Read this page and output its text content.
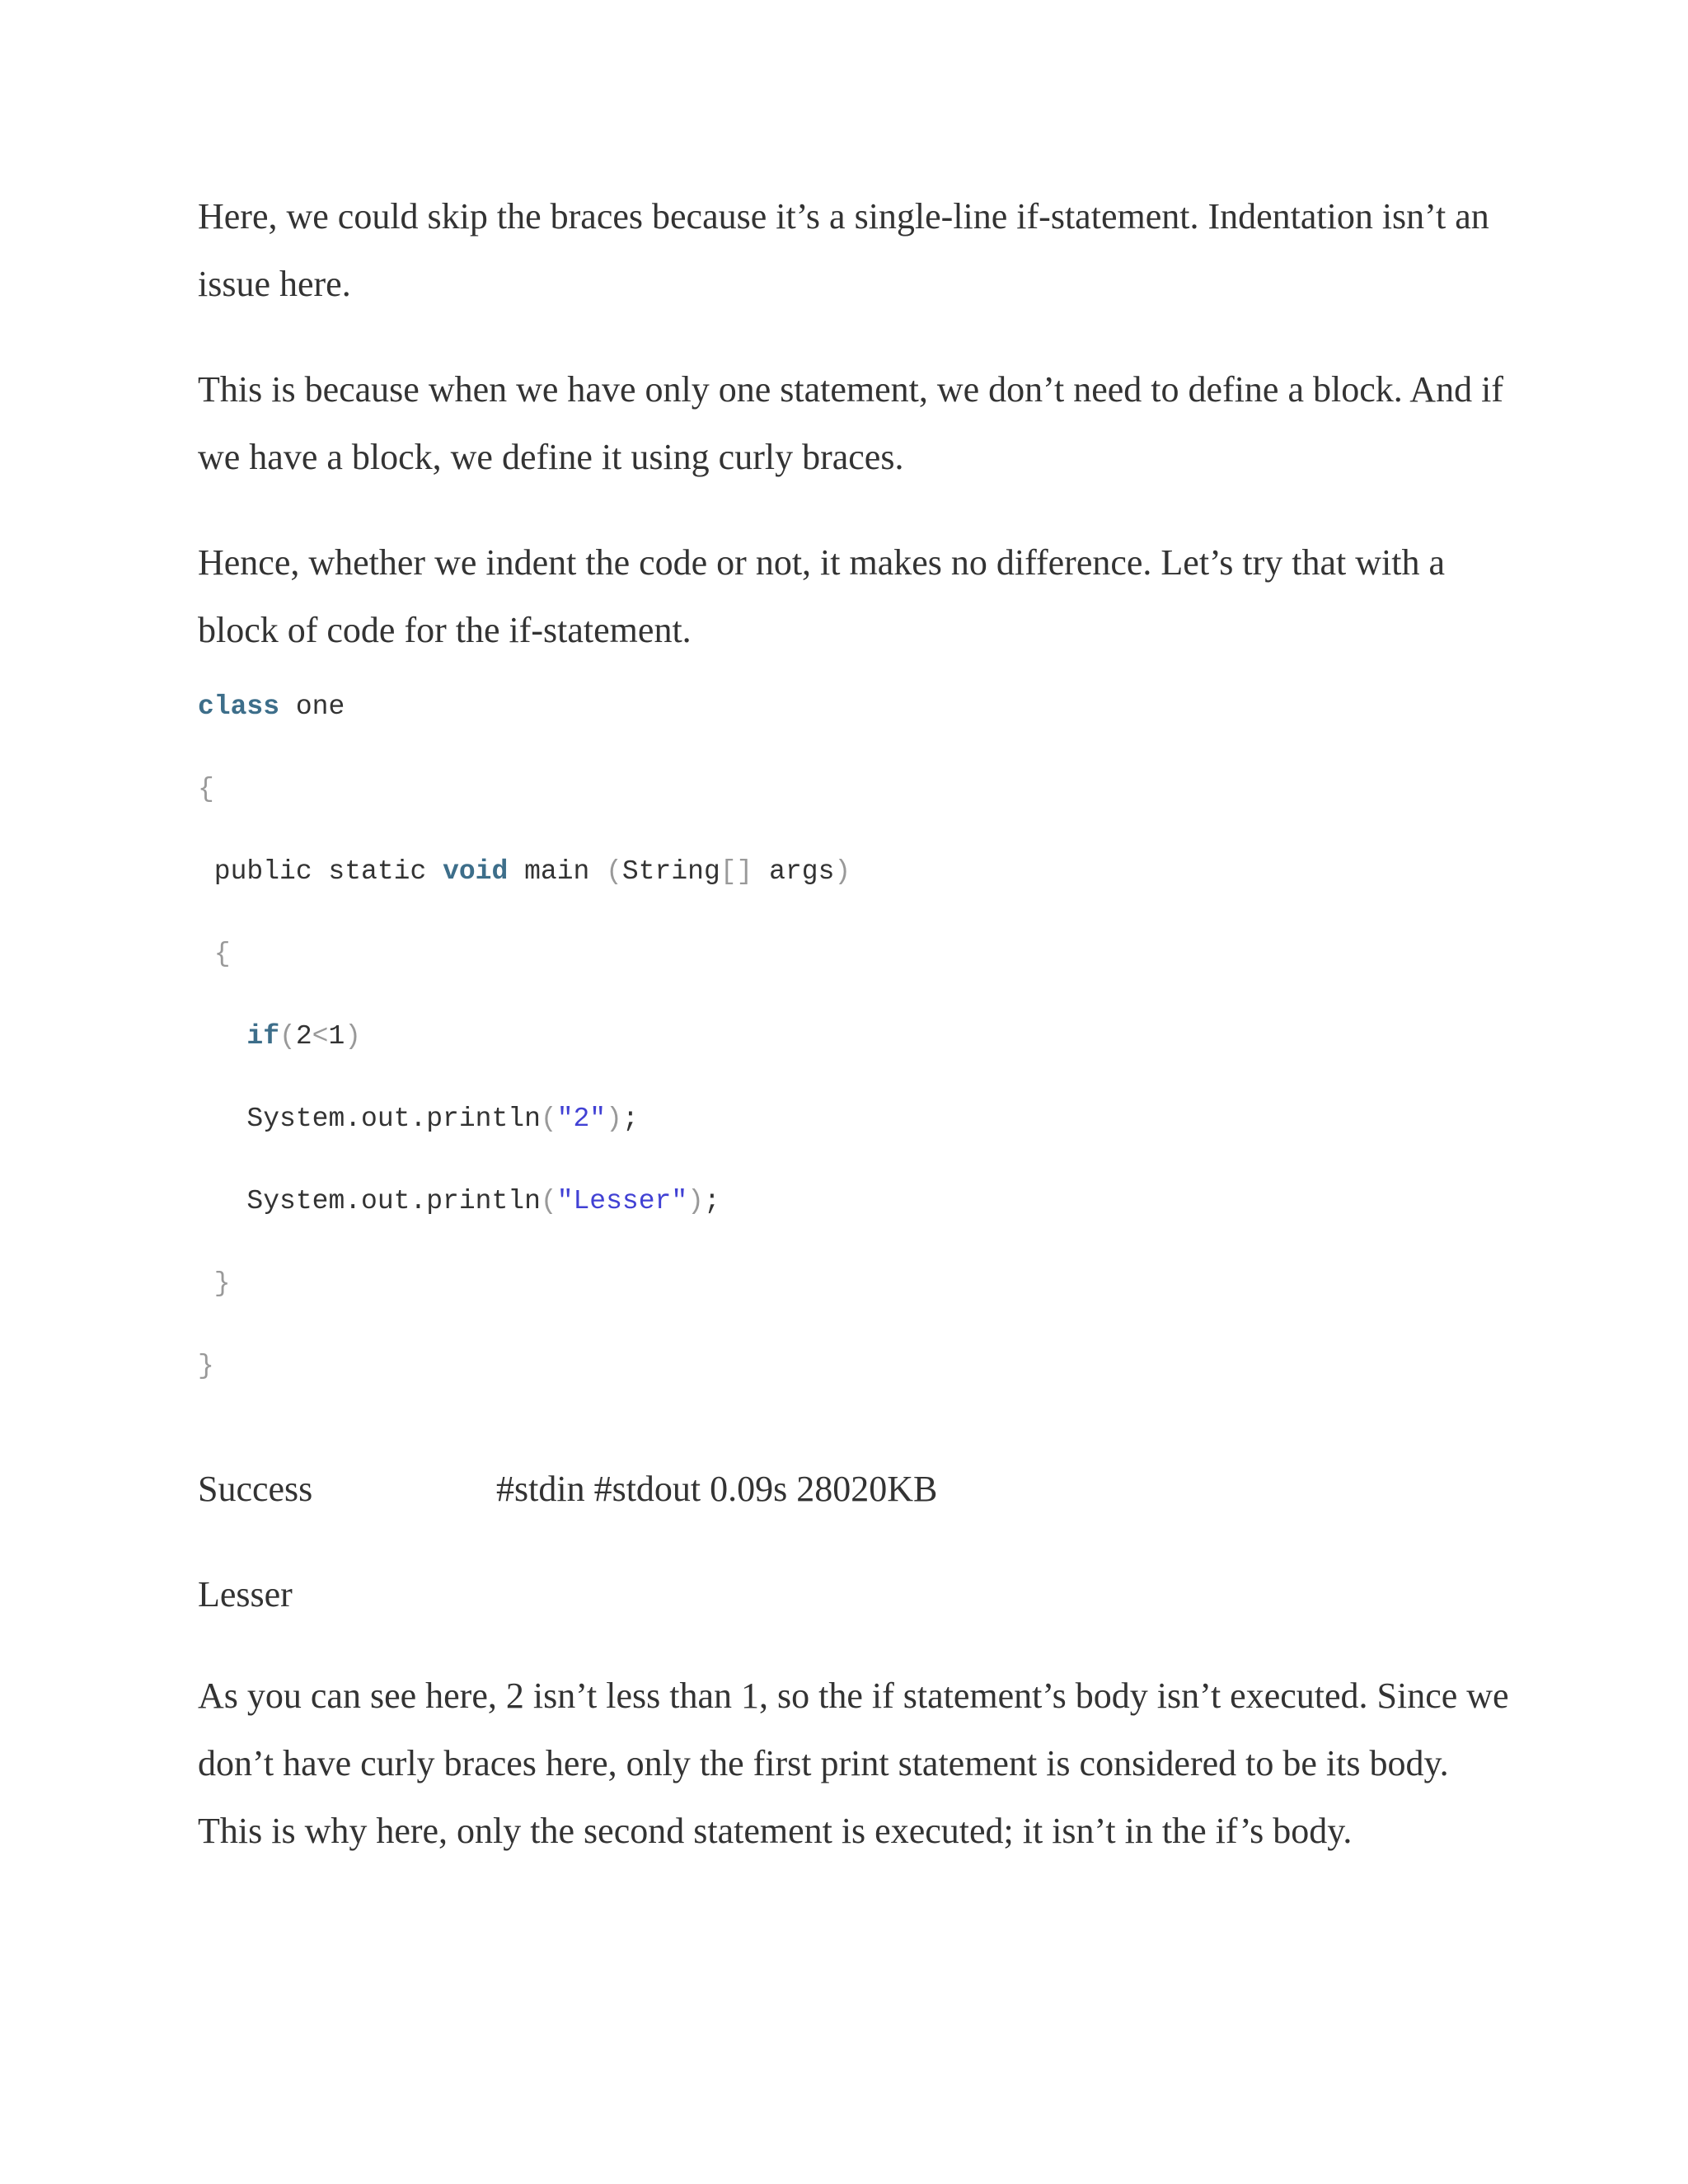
Here, we could skip the braces because it’s a single-line if-statement. Indentation isn’t an issue here.

This is because when we have only one statement, we don’t need to define a block. And if we have a block, we define it using curly braces.

Hence, whether we indent the code or not, it makes no difference. Let’s try that with a block of code for the if-statement.

class one
{
public static void main (String[] args)
{
if(2<1)
System.out.println("2");
System.out.println("Lesser");
}
}
Success	#stdin #stdout 0.09s 28020KB
Lesser

As you can see here, 2 isn’t less than 1, so the if statement’s body isn’t executed. Since we don’t have curly braces here, only the first print statement is considered to be its body. This is why here, only the second statement is executed; it isn’t in the if’s body.
